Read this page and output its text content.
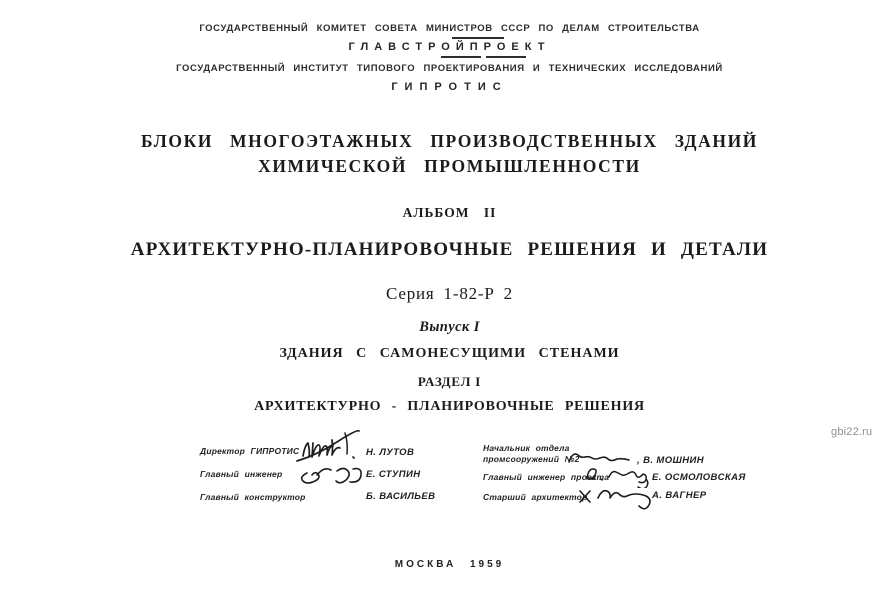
ГОСУДАРСТВЕННЫЙ КОМИТЕТ СОВЕТА МИНИСТРОВ СССР ПО ДЕЛАМ СТРОИТЕЛЬСТВА
ГЛАВСТРОЙПРОЕКТ
ГОСУДАРСТВЕННЫЙ ИНСТИТУТ ТИПОВОГО ПРОЕКТИРОВАНИЯ И ТЕХНИЧЕСКИХ ИССЛЕДОВАНИЙ
ГИПРОТИС
БЛОКИ МНОГОЭТАЖНЫХ ПРОИЗВОДСТВЕННЫХ ЗДАНИЙ
ХИМИЧЕСКОЙ ПРОМЫШЛЕННОСТИ
АЛЬБОМ II
АРХИТЕКТУРНО-ПЛАНИРОВОЧНЫЕ РЕШЕНИЯ И ДЕТАЛИ
Серия 1-82-Р 2
Выпуск I
ЗДАНИЯ С САМОНЕСУЩИМИ СТЕНАМИ
РАЗДЕЛ I
АРХИТЕКТУРНО - ПЛАНИРОВОЧНЫЕ РЕШЕНИЯ
МОСКВА 1959
Директор ГИПРОТИС	Н. ЛУТОВ
Главный инженер	Е. СТУПИН
Главный конструктор	Б. ВАСИЛЬЕВ
Начальник отдела
промсооружений №2	, В. МОШНИН
Главный инженер проекта	Е. ОСМОЛОВСКАЯ
Старший архитектор	А. ВАГНЕР
gbi22.ru
